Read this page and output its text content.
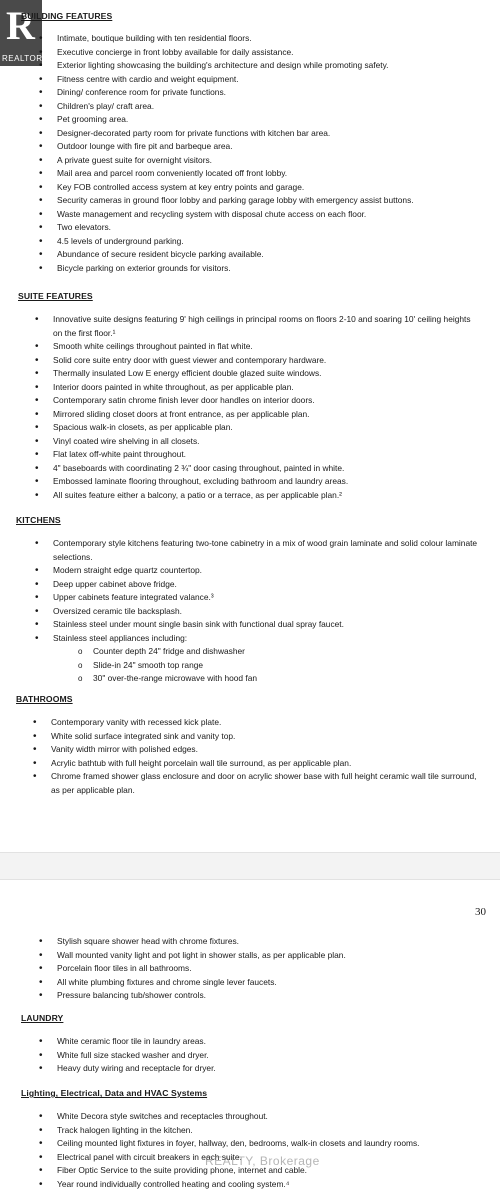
R
REALTOR®
BUILDING FEATURES
• Intimate, boutique building with ten residential floors.
• Executive concierge in front lobby available for daily assistance.
• Exterior lighting showcasing the building's architecture and design while promoting safety.
• Fitness centre with cardio and weight equipment.
• Dining/ conference room for private functions.
• Children's play/ craft area.
• Pet grooming area.
• Designer-decorated party room for private functions with kitchen bar area.
• Outdoor lounge with fire pit and barbeque area.
• A private guest suite for overnight visitors.
• Mail area and parcel room conveniently located off front lobby.
• Key FOB controlled access system at key entry points and garage.
• Security cameras in ground floor lobby and parking garage lobby with emergency assist buttons.
• Waste management and recycling system with disposal chute access on each floor.
• Two elevators.
• 4.5 levels of underground parking.
• Abundance of secure resident bicycle parking available.
• Bicycle parking on exterior grounds for visitors.
SUITE FEATURES
• Innovative suite designs featuring 9' high ceilings in principal rooms on floors 2-10 and soaring 10' ceiling heights on the first floor.¹
• Smooth white ceilings throughout painted in flat white.
• Solid core suite entry door with guest viewer and contemporary hardware.
• Thermally insulated Low E energy efficient double glazed suite windows.
• Interior doors painted in white throughout, as per applicable plan.
• Contemporary satin chrome finish lever door handles on interior doors.
• Mirrored sliding closet doors at front entrance, as per applicable plan.
• Spacious walk-in closets, as per applicable plan.
• Vinyl coated wire shelving in all closets.
• Flat latex off-white paint throughout.
• 4" baseboards with coordinating 2 ¾" door casing throughout, painted in white.
• Embossed laminate flooring throughout, excluding bathroom and laundry areas.
• All suites feature either a balcony, a patio or a terrace, as per applicable plan.²
KITCHENS
• Contemporary style kitchens featuring two-tone cabinetry in a mix of wood grain laminate and solid colour laminate selections.
• Modern straight edge quartz countertop.
• Deep upper cabinet above fridge.
• Upper cabinets feature integrated valance.³
• Oversized ceramic tile backsplash.
• Stainless steel under mount single basin sink with functional dual spray faucet.
• Stainless steel appliances including:
o Counter depth 24" fridge and dishwasher
o Slide-in 24" smooth top range
o 30" over-the-range microwave with hood fan
BATHROOMS
• Contemporary vanity with recessed kick plate.
• White solid surface integrated sink and vanity top.
• Vanity width mirror with polished edges.
• Acrylic bathtub with full height porcelain wall tile surround, as per applicable plan.
• Chrome framed shower glass enclosure and door on acrylic shower base with full height ceramic wall tile surround, as per applicable plan.
• Stylish square shower head with chrome fixtures.
• Wall mounted vanity light and pot light in shower stalls, as per applicable plan.
• Porcelain floor tiles in all bathrooms.
• All white plumbing fixtures and chrome single lever faucets.
• Pressure balancing tub/shower controls.
LAUNDRY
• White ceramic floor tile in laundry areas.
• White full size stacked washer and dryer.
• Heavy duty wiring and receptacle for dryer.
Lighting, Electrical, Data and HVAC Systems
• White Decora style switches and receptacles throughout.
• Track halogen lighting in the kitchen.
• Ceiling mounted light fixtures in foyer, hallway, den, bedrooms, walk-in closets and laundry rooms.
• Electrical panel with circuit breakers in each suite.
• Fiber Optic Service to the suite providing phone, internet and cable.
• Year round individually controlled heating and cooling system.⁴
30
REALTY, Brokerage
